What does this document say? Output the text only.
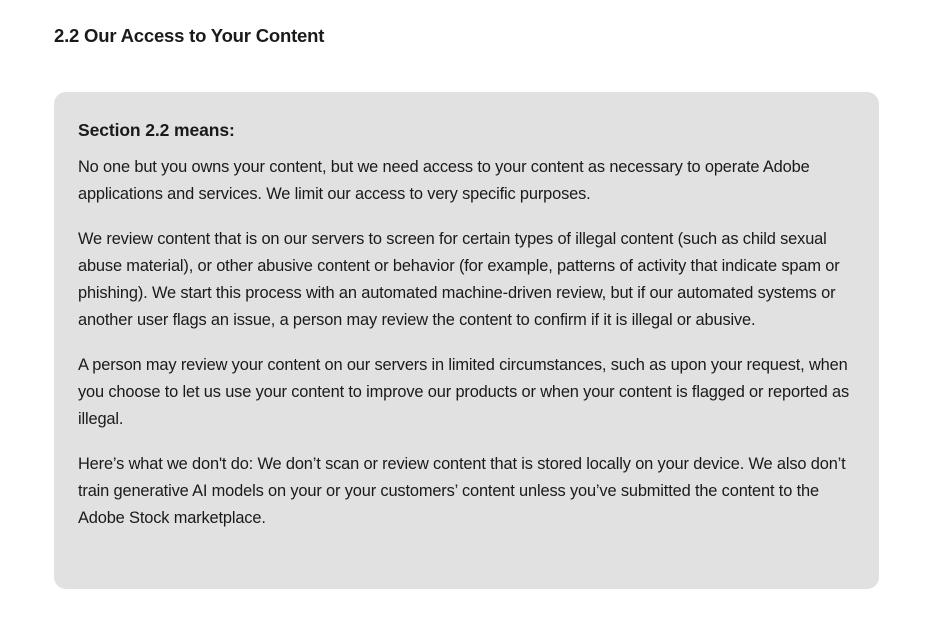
2.2 Our Access to Your Content
Section 2.2 means:

No one but you owns your content, but we need access to your content as necessary to operate Adobe applications and services. We limit our access to very specific purposes.

We review content that is on our servers to screen for certain types of illegal content (such as child sexual abuse material), or other abusive content or behavior (for example, patterns of activity that indicate spam or phishing). We start this process with an automated machine-driven review, but if our automated systems or another user flags an issue, a person may review the content to confirm if it is illegal or abusive.

A person may review your content on our servers in limited circumstances, such as upon your request, when you choose to let us use your content to improve our products or when your content is flagged or reported as illegal.

Here’s what we don't do: We don’t scan or review content that is stored locally on your device. We also don’t train generative AI models on your or your customers’ content unless you’ve submitted the content to the Adobe Stock marketplace.
